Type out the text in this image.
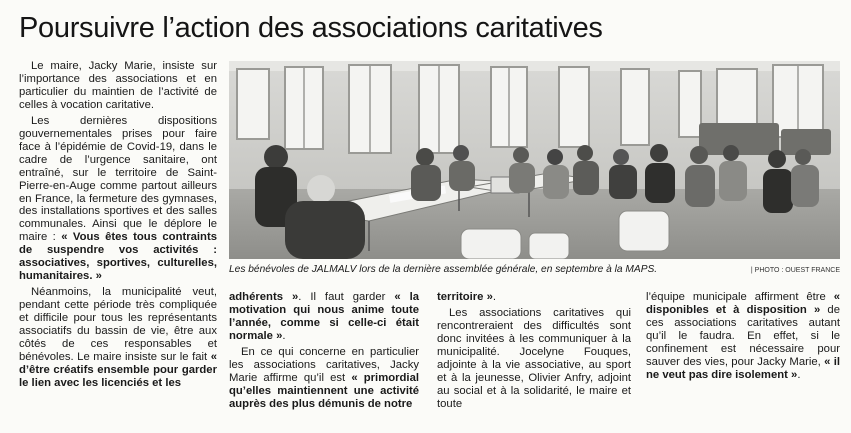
Poursuivre l’action des associations caritatives

Le maire, Jacky Marie, insiste sur l’importance des associations et en particulier du maintien de l’activité de celles à vocation caritative.

Les dernières dispositions gouvernementales prises pour faire face à l’épidémie de Covid-19, dans le cadre de l’urgence sanitaire, ont entraîné, sur le territoire de Saint-Pierre-en-Auge comme partout ailleurs en France, la fermeture des gymnases, des installations sportives et des salles communales. Ainsi que le déplore le maire : « Vous êtes tous contraints de suspendre vos activités : associatives, sportives, culturelles, humanitaires. »

Néanmoins, la municipalité veut, pendant cette période très compliquée et difficile pour tous les représentants associatifs du bassin de vie, être aux côtés de ces responsables et bénévoles. Le maire insiste sur le fait « d’être créatifs ensemble pour garder le lien avec les licenciés et les

Les bénévoles de JALMALV lors de la dernière assemblée générale, en septembre à la MAPS.	| PHOTO : OUEST FRANCE

adhérents ». Il faut garder « la motivation qui nous anime toute l’année, comme si celle-ci était normale ».

En ce qui concerne en particulier les associations caritatives, Jacky Marie affirme qu’il est « primordial qu’elles maintiennent une activité auprès des plus démunis de notre

territoire ».

Les associations caritatives qui rencontreraient des difficultés sont donc invitées à les communiquer à la municipalité. Jocelyne Fouques, adjointe à la vie associative, au sport et à la jeunesse, Olivier Anfry, adjoint au social et à la solidarité, le maire et toute

l’équipe municipale affirment être « disponibles et à disposition » de ces associations caritatives autant qu’il le faudra. En effet, si le confinement est nécessaire pour sauver des vies, pour Jacky Marie, « il ne veut pas dire isolement ».
